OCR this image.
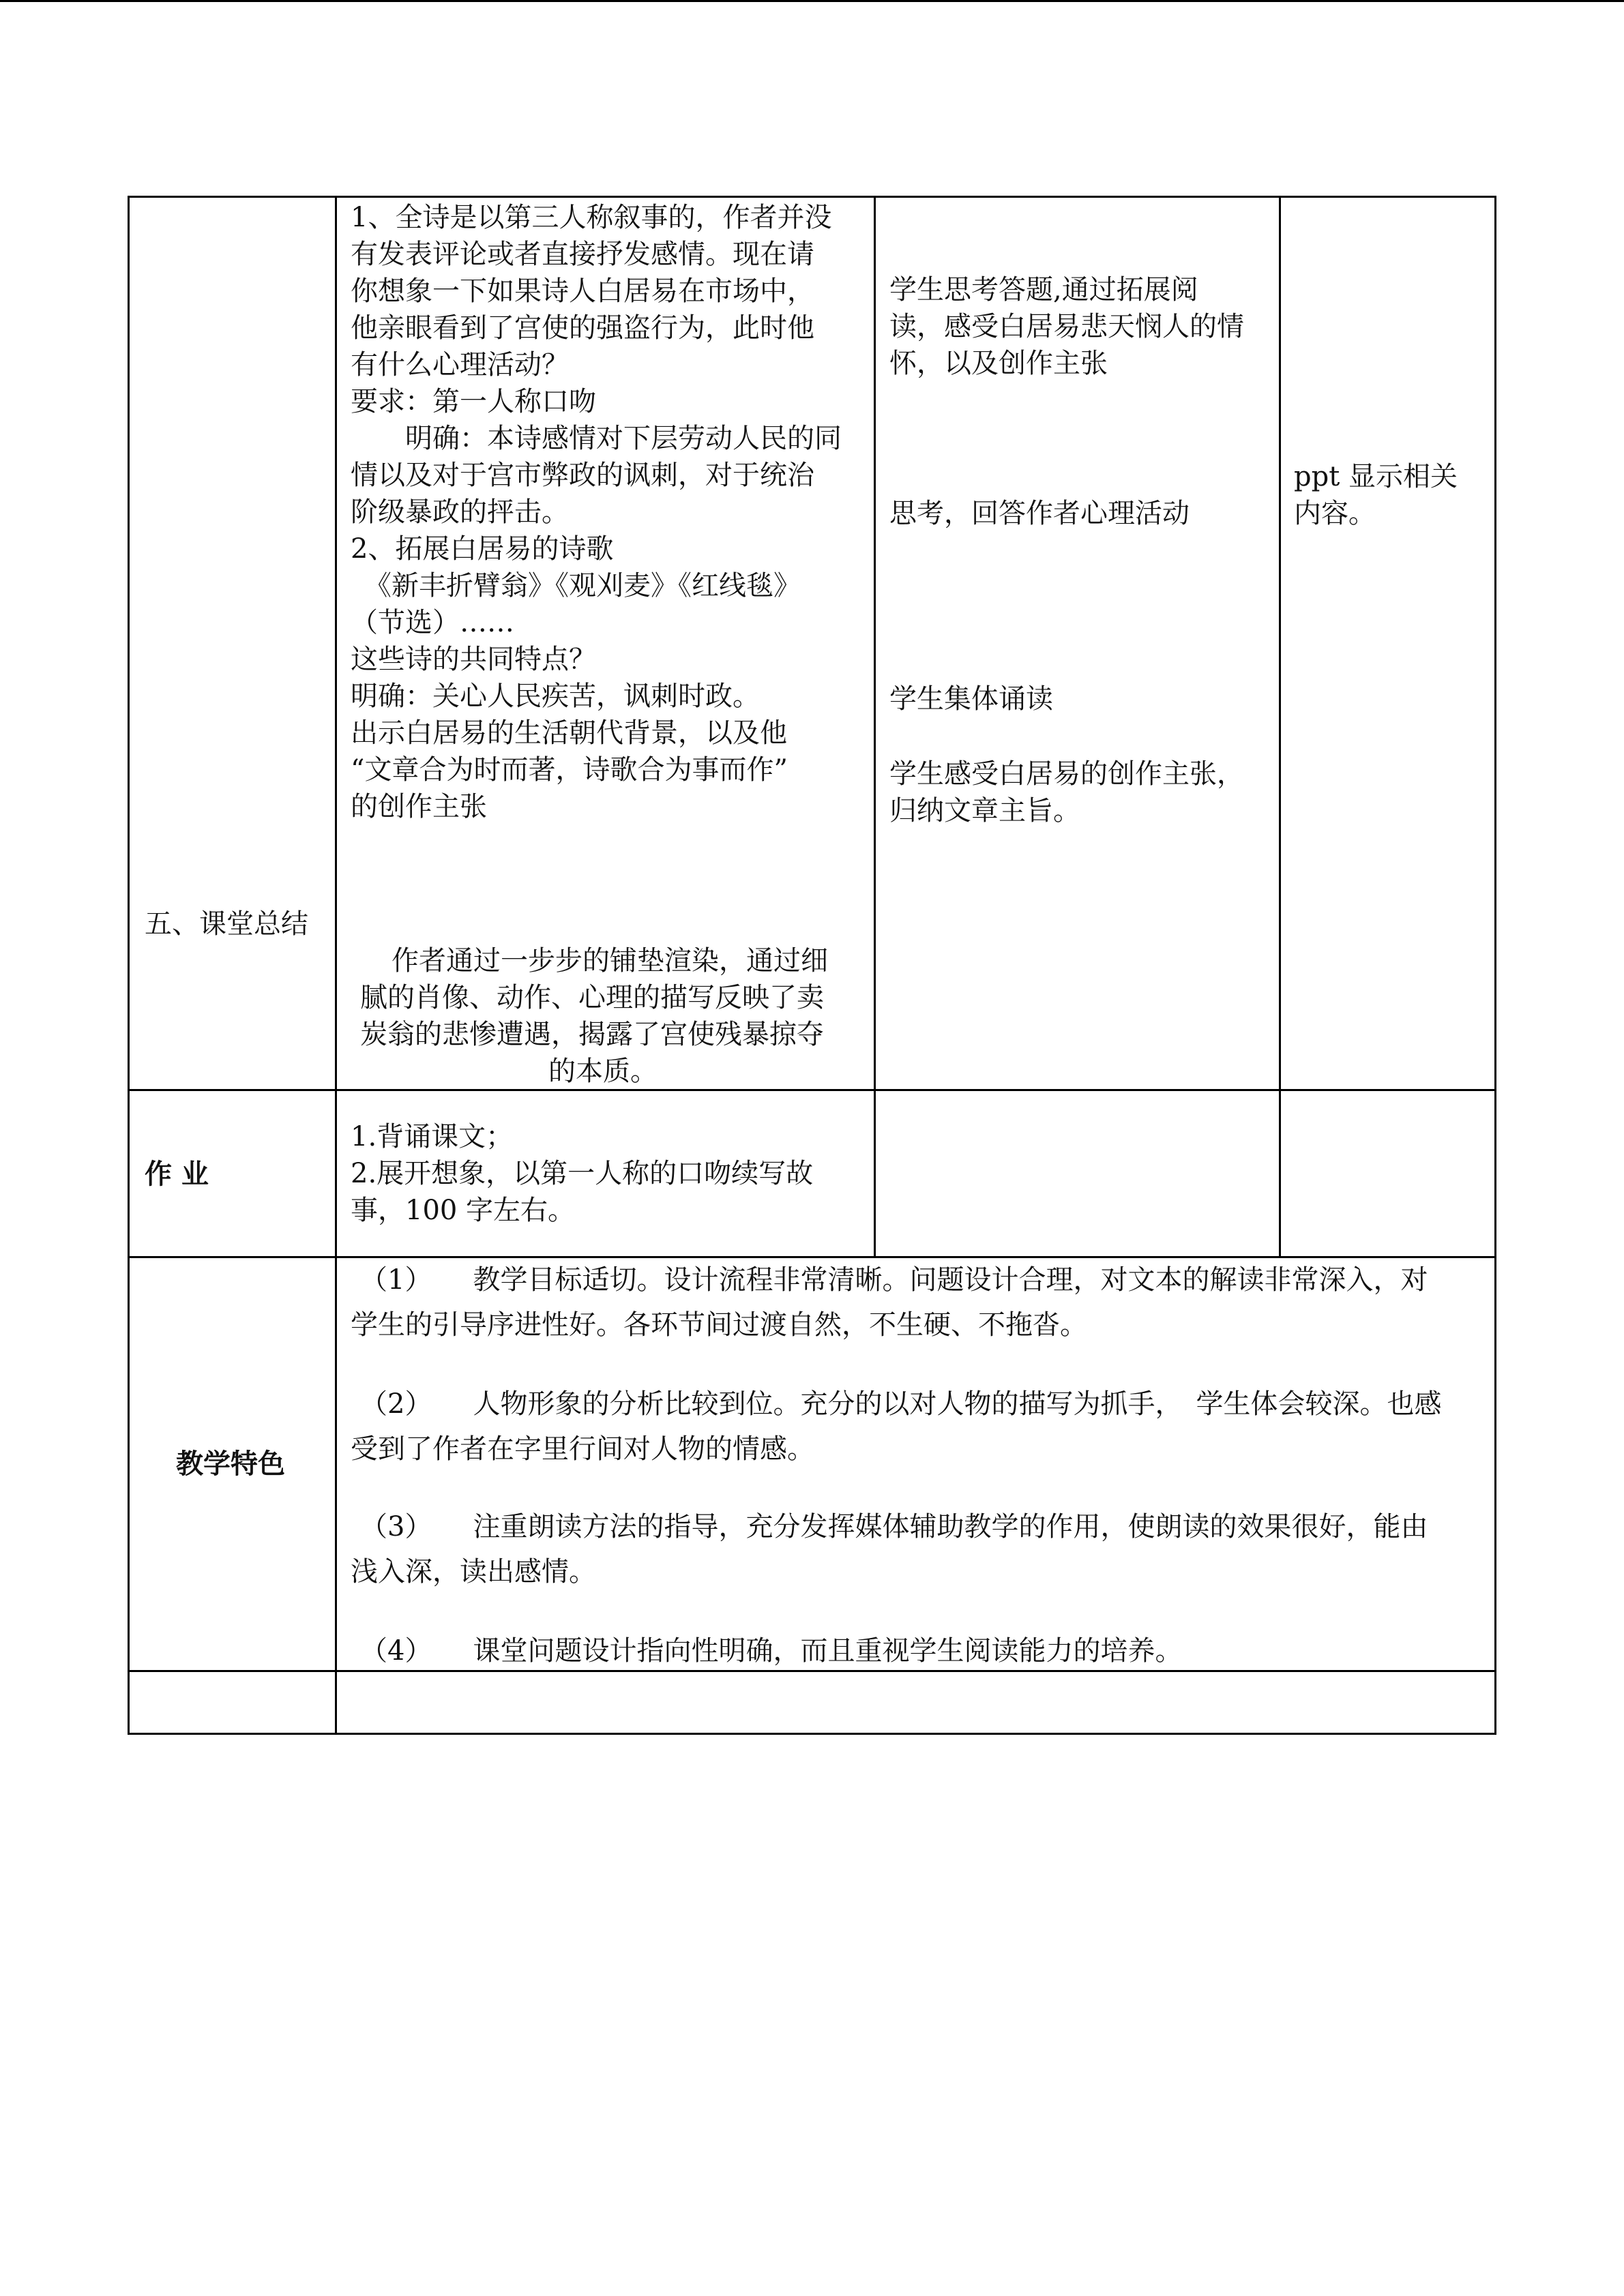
五、课堂总结
1、全诗是以第三人称叙事的，作者并没
有发表评论或者直接抒发感情。现在请
你想象一下如果诗人白居易在市场中，
他亲眼看到了宫使的强盗行为，此时他
有什么心理活动？
要求：第一人称口吻
　　明确：本诗感情对下层劳动人民的同
情以及对于宫市弊政的讽刺，对于统治
阶级暴政的抨击。
2、拓展白居易的诗歌
　《新丰折臂翁》《观刈麦》《红线毯》
（节选）……
这些诗的共同特点？
明确：关心人民疾苦，讽刺时政。
出示白居易的生活朝代背景，以及他
“文章合为时而著，诗歌合为事而作”
的创作主张
作者通过一步步的铺垫渲染，通过细
腻的肖像、动作、心理的描写反映了卖
炭翁的悲惨遭遇，揭露了宫使残暴掠夺
的本质。
学生思考答题,通过拓展阅
读，感受白居易悲天悯人的情
怀，以及创作主张
思考，回答作者心理活动
学生集体诵读
学生感受白居易的创作主张，
归纳文章主旨。
ppt 显示相关
内容。
作 业
1.背诵课文；
2.展开想象，以第一人称的口吻续写故
事，100 字左右。
教学特色
（1）　　教学目标适切。设计流程非常清晰。问题设计合理，对文本的解读非常深入，对
学生的引导序进性好。各环节间过渡自然，不生硬、不拖沓。
（2）　　人物形象的分析比较到位。充分的以对人物的描写为抓手，　学生体会较深。也感
受到了作者在字里行间对人物的情感。
（3）　　注重朗读方法的指导，充分发挥媒体辅助教学的作用，使朗读的效果很好，能由
浅入深，读出感情。
（4）　　课堂问题设计指向性明确，而且重视学生阅读能力的培养。
